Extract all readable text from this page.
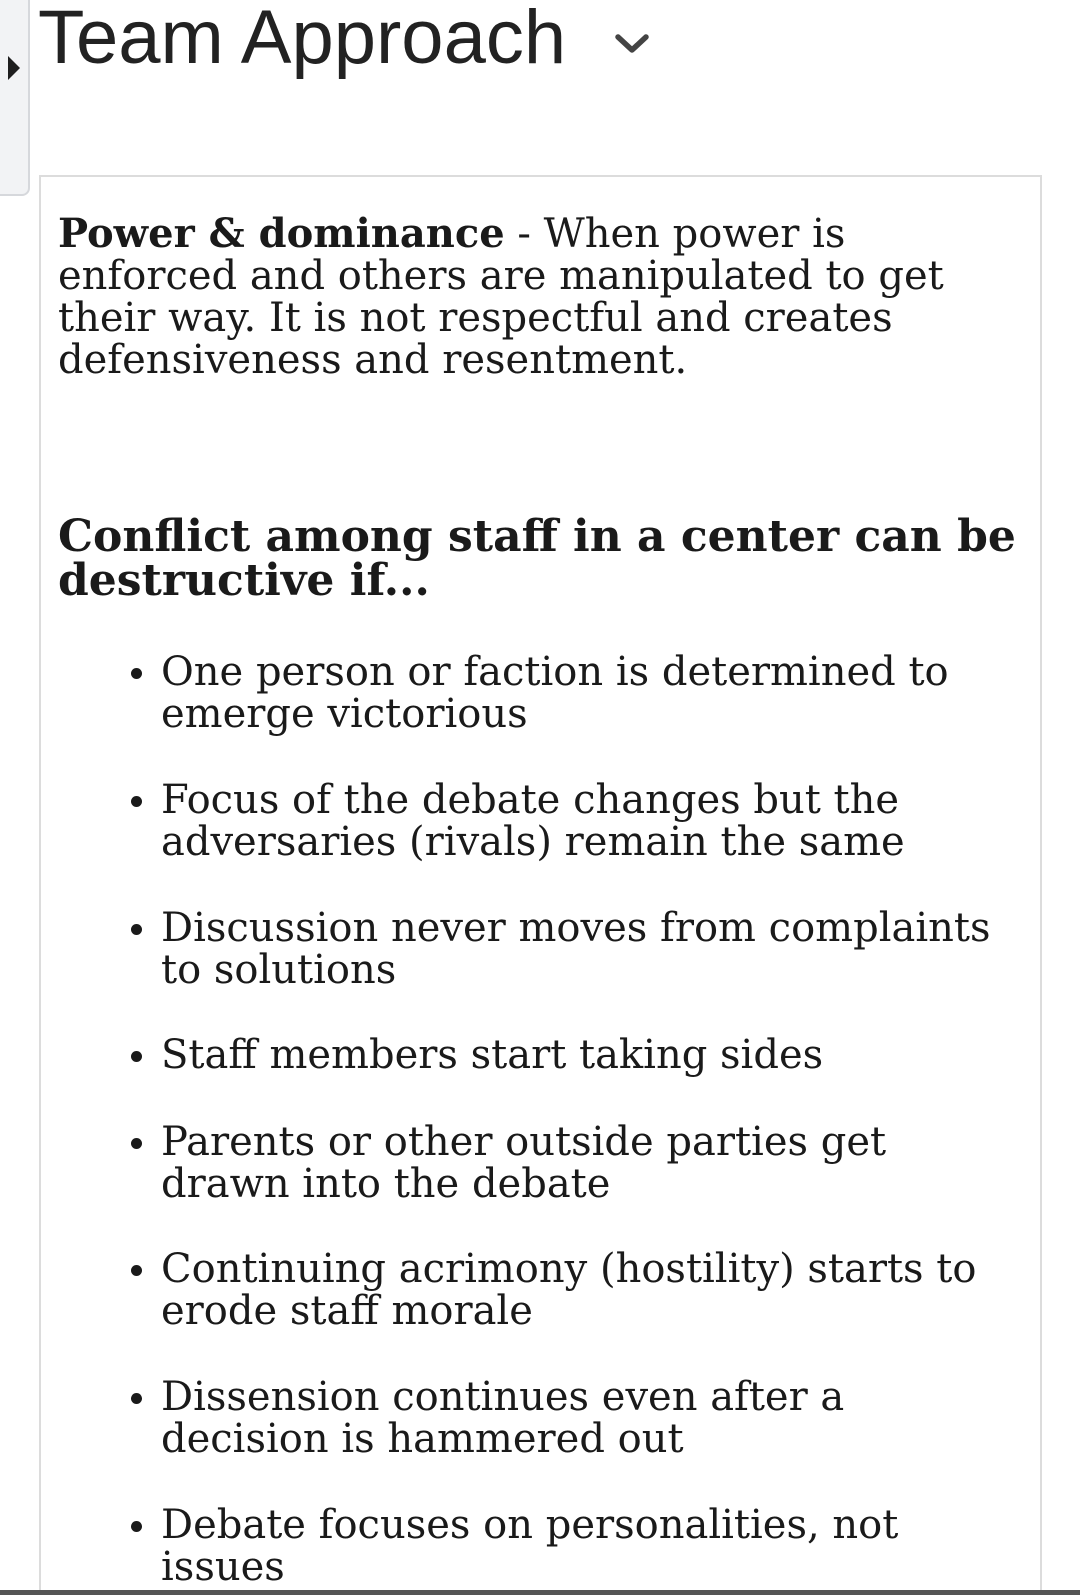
Team Approach

Power & dominance - When power is enforced and others are manipulated to get their way. It is not respectful and creates defensiveness and resentment.

Conflict among staff in a center can be destructive if...
One person or faction is determined to emerge victorious
Focus of the debate changes but the adversaries (rivals) remain the same
Discussion never moves from complaints to solutions
Staff members start taking sides
Parents or other outside parties get drawn into the debate
Continuing acrimony (hostility) starts to erode staff morale
Dissension continues even after a decision is hammered out
Debate focuses on personalities, not issues
